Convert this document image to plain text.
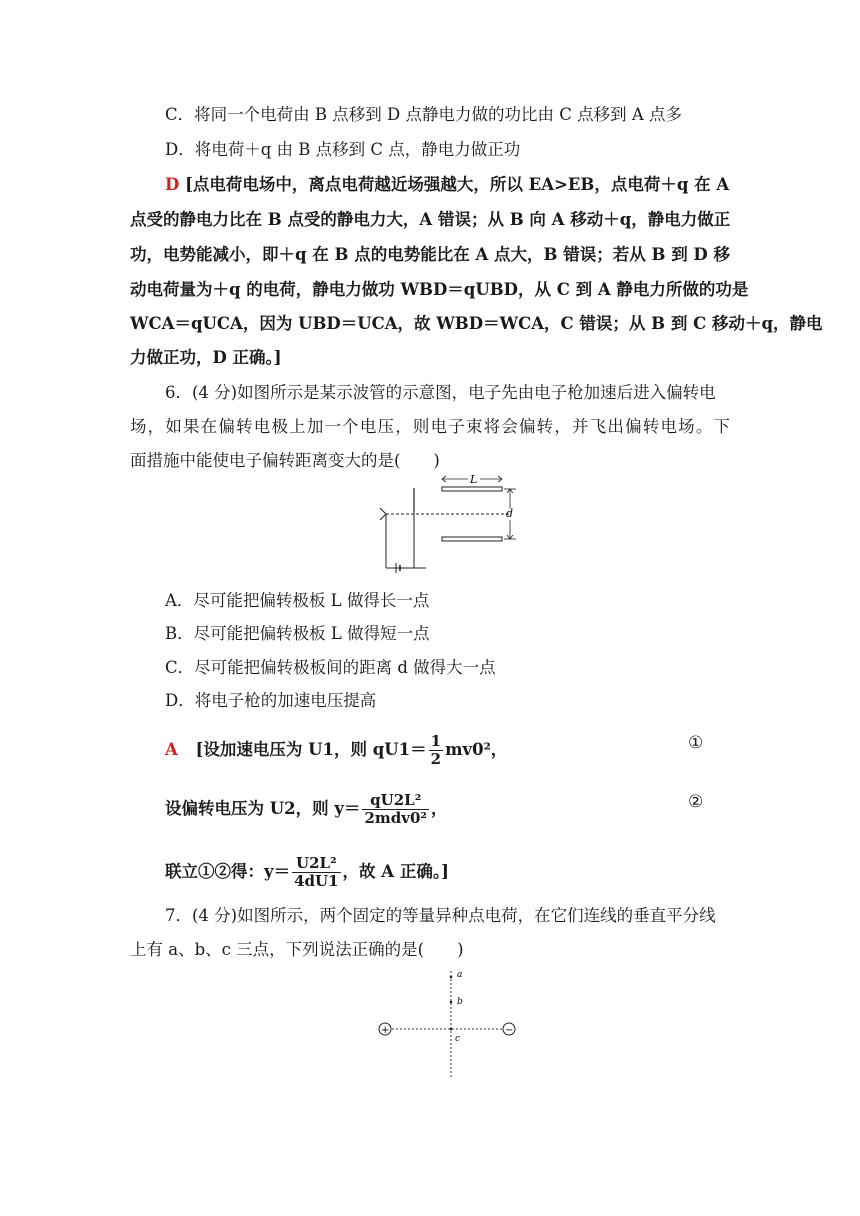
C．将同一个电荷由 B 点移到 D 点静电力做的功比由 C 点移到 A 点多
D．将电荷＋q 由 B 点移到 C 点，静电力做正功
D [点电荷电场中，离点电荷越近场强越大，所以 EA>EB，点电荷＋q 在 A
点受的静电力比在 B 点受的静电力大，A 错误；从 B 向 A 移动＋q，静电力做正
功，电势能减小，即＋q 在 B 点的电势能比在 A 点大，B 错误；若从 B 到 D 移
动电荷量为＋q 的电荷，静电力做功 WBD＝qUBD，从 C 到 A 静电力所做的功是
WCA＝qUCA，因为 UBD＝UCA，故 WBD＝WCA，C 错误；从 B 到 C 移动＋q，静电
力做正功，D 正确。]
6．(4 分)如图所示是某示波管的示意图，电子先由电子枪加速后进入偏转电
场，如果在偏转电极上加一个电压，则电子束将会偏转，并飞出偏转电场。下
面措施中能使电子偏转距离变大的是(　　)
L
d
A．尽可能把偏转极板 L 做得长一点
B．尽可能把偏转极板 L 做得短一点
C．尽可能把偏转极板间的距离 d 做得大一点
D．将电子枪的加速电压提高
A [设加速电压为 U1，则 $qU1= \frac{1}{2} mv0^2$，	①
设偏转电压为 U2，则 $y= \frac{\text{qU2L²}}{\text{2mdv0²}}$ ，	②
联立①②得：$y= \frac{\text{U2L²}}{4dU1}$ ，故 A 正确。]
7．(4 分)如图所示，两个固定的等量异种点电荷，在它们连线的垂直平分线
上有 a、b、c 三点，下列说法正确的是(　　)
+	−
a
b
c
